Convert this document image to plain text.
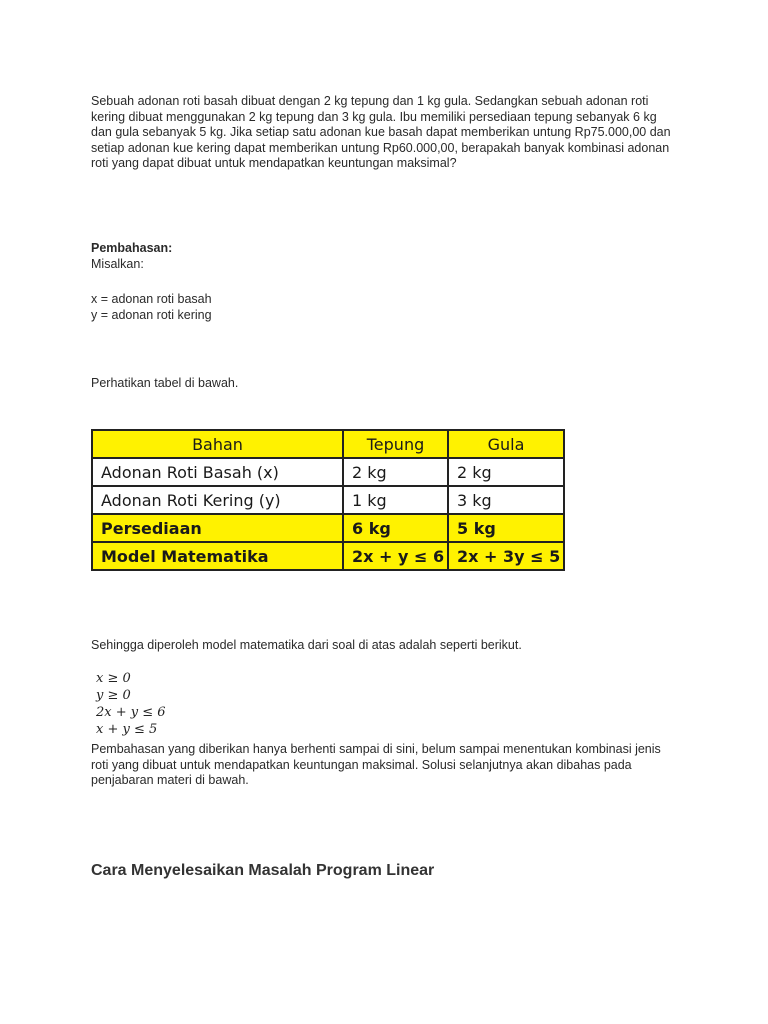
Sebuah adonan roti basah dibuat dengan 2 kg tepung dan 1 kg gula. Sedangkan sebuah adonan roti kering dibuat menggunakan 2 kg tepung dan 3 kg gula. Ibu memiliki persediaan tepung sebanyak 6 kg dan gula sebanyak 5 kg. Jika setiap satu adonan kue basah dapat memberikan untung Rp75.000,00 dan setiap adonan kue kering dapat memberikan untung Rp60.000,00, berapakah banyak kombinasi adonan roti yang dapat dibuat untuk mendapatkan keuntungan maksimal?

Pembahasan:

Misalkan:

x = adonan roti basah

y = adonan roti kering

Perhatikan tabel di bawah.

Bahan	Tepung	Gula
Adonan Roti Basah (x)	2 kg	2 kg
Adonan Roti Kering (y)	1 kg	3 kg
Persediaan	6 kg	5 kg
Model Matematika	2x + y ≤ 6	2x + 3y ≤ 5

Sehingga diperoleh model matematika dari soal di atas adalah seperti berikut.

x ≥ 0
y ≥ 0
2x + y ≤ 6
x + y ≤ 5

Pembahasan yang diberikan hanya berhenti sampai di sini, belum sampai menentukan kombinasi jenis roti yang dibuat untuk mendapatkan keuntungan maksimal. Solusi selanjutnya akan dibahas pada penjabaran materi di bawah.

Cara Menyelesaikan Masalah Program Linear
